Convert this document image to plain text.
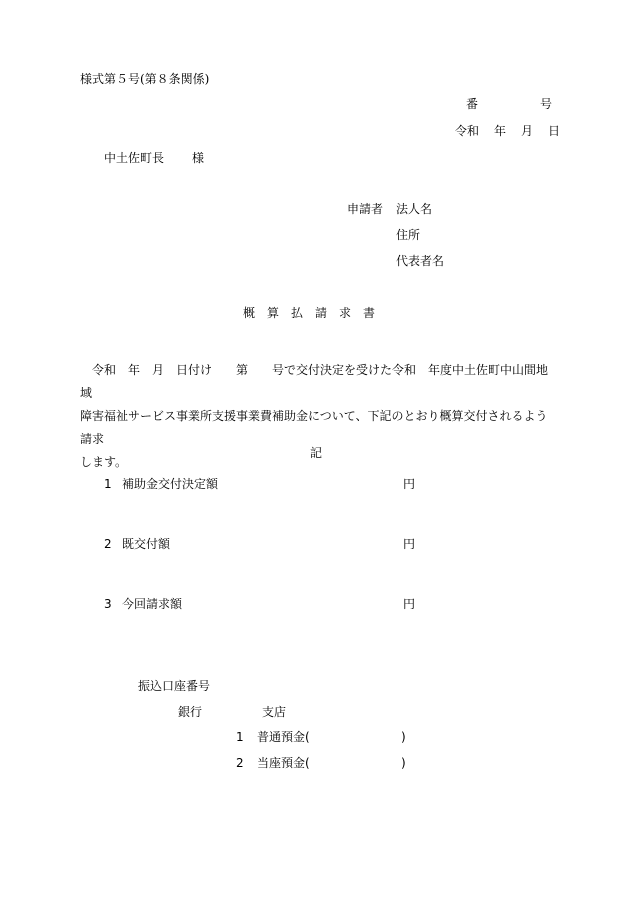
様式第５号(第８条関係)
番	号
令和 年 月 日
中土佐町長 様
申請者 法人名
住所
代表者名
概算払請求書
令和　年　月　日付け　　第　　号で交付決定を受けた令和　年度中土佐町中山間地域
障害福祉サービス事業所支援事業費補助金について、下記のとおり概算交付されるよう請求
します。
記
1 補助金交付決定額	円
2 既交付額	円
3 今回請求額	円
振込口座番号
銀行	支店
1 普通預金(	)
2 当座預金(	)
